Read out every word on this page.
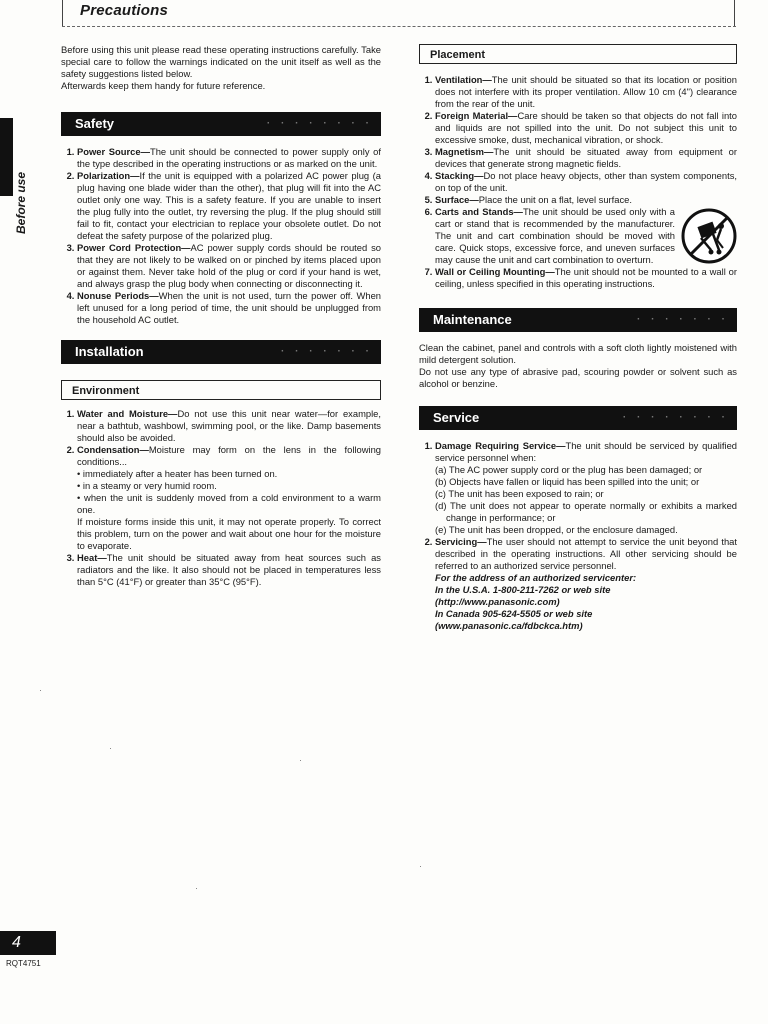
Precautions
Before use

Before using this unit please read these operating instructions carefully. Take special care to follow the warnings indicated on the unit itself as well as the safety suggestions listed below.

Afterwards keep them handy for future reference.

Safety	· · · · · · · ·
1. Power Source—The unit should be connected to power supply only of the type described in the operating instructions or as marked on the unit.
2. Polarization—If the unit is equipped with a polarized AC power plug (a plug having one blade wider than the other), that plug will fit into the AC outlet only one way. This is a safety feature. If you are unable to insert the plug fully into the outlet, try reversing the plug. If the plug should still fail to fit, contact your electrician to replace your obsolete outlet. Do not defeat the safety purpose of the polarized plug.
3. Power Cord Protection—AC power supply cords should be routed so that they are not likely to be walked on or pinched by items placed upon or against them. Never take hold of the plug or cord if your hand is wet, and always grasp the plug body when connecting or disconnecting it.
4. Nonuse Periods—When the unit is not used, turn the power off. When left unused for a long period of time, the unit should be unplugged from the household AC outlet.
Installation	· · · · · · ·
Environment
1. Water and Moisture—Do not use this unit near water—for example, near a bathtub, washbowl, swimming pool, or the like. Damp basements should also be avoided.
2. Condensation—Moisture may form on the lens in the following conditions...
• immediately after a heater has been turned on.
• in a steamy or very humid room.
• when the unit is suddenly moved from a cold environment to a warm one.
If moisture forms inside this unit, it may not operate properly. To correct this problem, turn on the power and wait about one hour for the moisture to evaporate.
3. Heat—The unit should be situated away from heat sources such as radiators and the like. It also should not be placed in temperatures less than 5°C (41°F) or greater than 35°C (95°F).
Placement
1. Ventilation—The unit should be situated so that its location or position does not interfere with its proper ventilation. Allow 10 cm (4") clearance from the rear of the unit.
2. Foreign Material—Care should be taken so that objects do not fall into and liquids are not spilled into the unit. Do not subject this unit to excessive smoke, dust, mechanical vibration, or shock.
3. Magnetism—The unit should be situated away from equipment or devices that generate strong magnetic fields.
4. Stacking—Do not place heavy objects, other than system components, on top of the unit.
5. Surface—Place the unit on a flat, level surface.
6. Carts and Stands—The unit should be used only with a cart or stand that is recommended by the manufacturer. The unit and cart combination should be moved with care. Quick stops, excessive force, and uneven surfaces may cause the unit and cart combination to overturn.
7. Wall or Ceiling Mounting—The unit should not be mounted to a wall or ceiling, unless specified in this operating instructions.
Maintenance	· · · · · · ·

Clean the cabinet, panel and controls with a soft cloth lightly moistened with mild detergent solution.

Do not use any type of abrasive pad, scouring powder or solvent such as alcohol or benzine.

Service	· · · · · · · ·
1. Damage Requiring Service—The unit should be serviced by qualified service personnel when:
(a) The AC power supply cord or the plug has been damaged; or
(b) Objects have fallen or liquid has been spilled into the unit; or
(c) The unit has been exposed to rain; or
(d) The unit does not appear to operate normally or exhibits a marked change in performance; or
(e) The unit has been dropped, or the enclosure damaged.
2. Servicing—The user should not attempt to service the unit beyond that described in the operating instructions. All other servicing should be referred to an authorized service personnel.
For the address of an authorized servicenter:
In the U.S.A. 1-800-211-7262 or web site
(http://www.panasonic.com)
In Canada 905-624-5505 or web site
(www.panasonic.ca/fdbckca.htm)
4
RQT4751
